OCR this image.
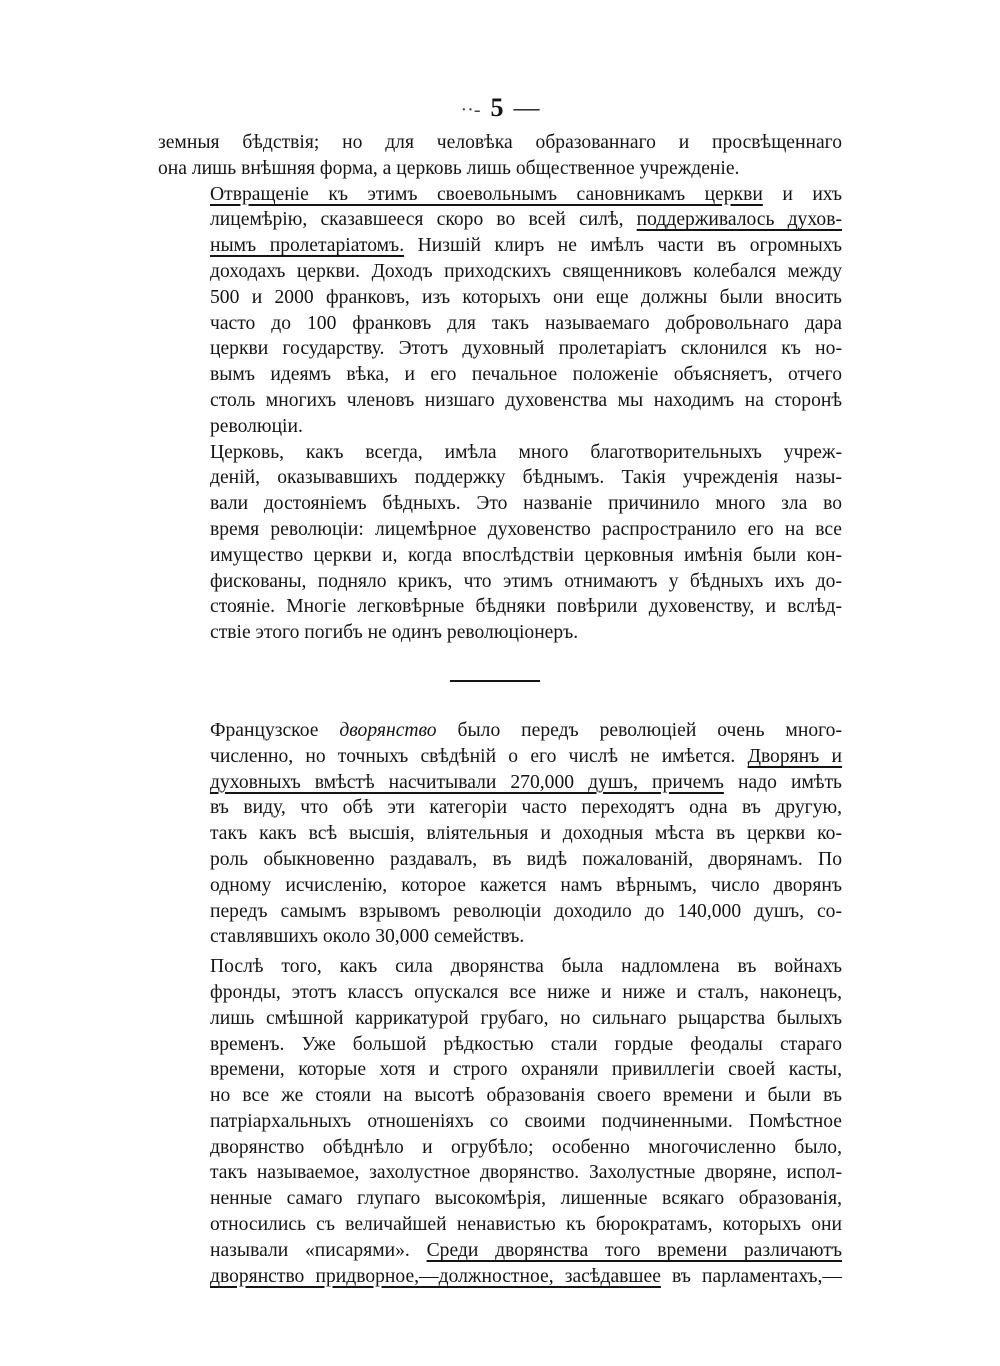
··- 5 —
земныя бѣдствія; но для человѣка образованнаго и просвѣщеннаго
она лишь внѣшняя форма, а церковь лишь общественное учрежденіе.
Отвращеніе къ этимъ своевольнымъ сановникамъ церкви и ихъ
лицемѣрію, сказавшееся скоро во всей силѣ, поддерживалось духов-
нымъ пролетаріатомъ. Низшій клиръ не имѣлъ части въ огромныхъ
доходахъ церкви. Доходъ приходскихъ священниковъ колебался между
500 и 2000 франковъ, изъ которыхъ они еще должны были вносить
часто до 100 франковъ для такъ называемаго добровольнаго дара
церкви государству. Этотъ духовный пролетаріатъ склонился къ но-
вымъ идеямъ вѣка, и его печальное положеніе объясняетъ, отчего
столь многихъ членовъ низшаго духовенства мы находимъ на сторонѣ
революціи.
Церковь, какъ всегда, имѣла много благотворительныхъ учреж-
деній, оказывавшихъ поддержку бѣднымъ. Такія учрежденія назы-
вали достояніемъ бѣдныхъ. Это названіе причинило много зла во
время революціи: лицемѣрное духовенство распространило его на все
имущество церкви и, когда впослѣдствіи церковныя имѣнія были кон-
фискованы, подняло крикъ, что этимъ отнимаютъ у бѣдныхъ ихъ до-
стояніе. Многіе легковѣрные бѣдняки повѣрили духовенству, и вслѣд-
ствіе этого погибъ не одинъ революціонеръ.
Французское дворянство было передъ революціей очень много-
численно, но точныхъ свѣдѣній о его числѣ не имѣется. Дворянъ и
духовныхъ вмѣстѣ насчитывали 270,000 душъ, причемъ надо имѣть
въ виду, что обѣ эти категоріи часто переходятъ одна въ другую,
такъ какъ всѣ высшія, вліятельныя и доходныя мѣста въ церкви ко-
роль обыкновенно раздавалъ, въ видѣ пожалованій, дворянамъ. По
одному исчисленію, которое кажется намъ вѣрнымъ, число дворянъ
передъ самымъ взрывомъ революціи доходило до 140,000 душъ, со-
ставлявшихъ около 30,000 семействъ.
Послѣ того, какъ сила дворянства была надломлена въ войнахъ
фронды, этотъ классъ опускался все ниже и ниже и сталъ, наконецъ,
лишь смѣшной каррикатурой грубаго, но сильнаго рыцарства былыхъ
временъ. Уже большой рѣдкостью стали гордые феодалы стараго
времени, которые хотя и строго охраняли привиллегіи своей касты,
но все же стояли на высотѣ образованія своего времени и были въ
патріархальныхъ отношеніяхъ со своими подчиненными. Помѣстное
дворянство обѣднѣло и огрубѣло; особенно многочисленно было,
такъ называемое, захолустное дворянство. Захолустные дворяне, испол-
ненные самаго глупаго высокомѣрія, лишенные всякаго образованія,
относились съ величайшей ненавистью къ бюрократамъ, которыхъ они
называли «писарями». Среди дворянства того времени различаютъ
дворянство придворное,—должностное, засѣдавшее въ парламентахъ,—
